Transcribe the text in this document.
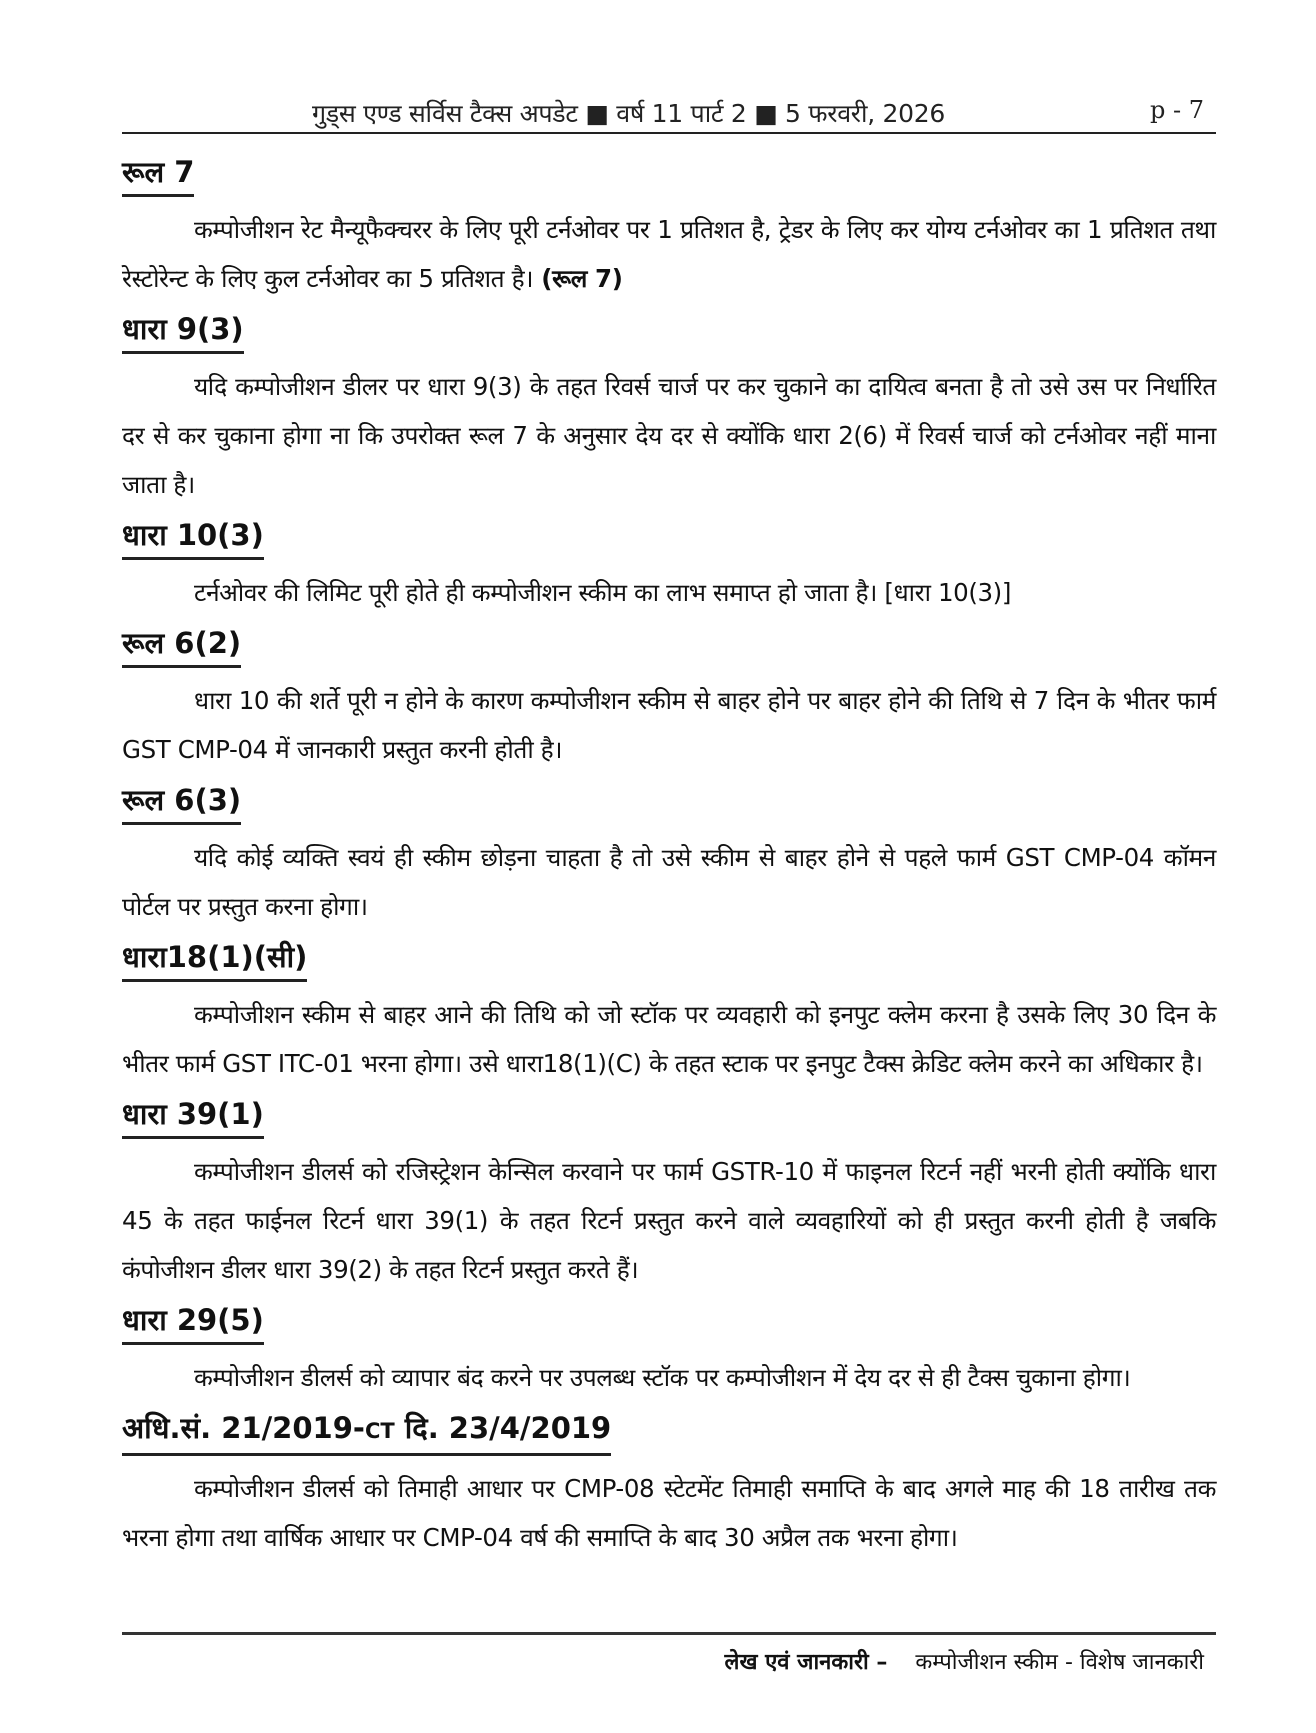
गुड्स एण्ड सर्विस टैक्स अपडेट ■ वर्ष 11 पार्ट 2 ■ 5 फरवरी, 2026	p - 7
रूल 7

कम्पोजीशन रेट मैन्यूफैक्चरर के लिए पूरी टर्नओवर पर 1 प्रतिशत है, ट्रेडर के लिए कर योग्य टर्नओवर का 1 प्रतिशत तथा रेस्टोरेन्ट के लिए कुल टर्नओवर का 5 प्रतिशत है। (रूल 7)

धारा 9(3)

यदि कम्पोजीशन डीलर पर धारा 9(3) के तहत रिवर्स चार्ज पर कर चुकाने का दायित्व बनता है तो उसे उस पर निर्धारित दर से कर चुकाना होगा ना कि उपरोक्त रूल 7 के अनुसार देय दर से क्योंकि धारा 2(6) में रिवर्स चार्ज को टर्नओवर नहीं माना जाता है।

धारा 10(3)

टर्नओवर की लिमिट पूरी होते ही कम्पोजीशन स्कीम का लाभ समाप्त हो जाता है। [धारा 10(3)]

रूल 6(2)

धारा 10 की शर्ते पूरी न होने के कारण कम्पोजीशन स्कीम से बाहर होने पर बाहर होने की तिथि से 7 दिन के भीतर फार्म GST CMP-04 में जानकारी प्रस्तुत करनी होती है।

रूल 6(3)

यदि कोई व्यक्ति स्वयं ही स्कीम छोड़ना चाहता है तो उसे स्कीम से बाहर होने से पहले फार्म GST CMP-04 कॉमन पोर्टल पर प्रस्तुत करना होगा।

धारा18(1)(सी)

कम्पोजीशन स्कीम से बाहर आने की तिथि को जो स्टॉक पर व्यवहारी को इनपुट क्लेम करना है उसके लिए 30 दिन के भीतर फार्म GST ITC-01 भरना होगा। उसे धारा18(1)(C) के तहत स्टाक पर इनपुट टैक्स क्रेडिट क्लेम करने का अधिकार है।

धारा 39(1)

कम्पोजीशन डीलर्स को रजिस्ट्रेशन केन्सिल करवाने पर फार्म GSTR-10 में फाइनल रिटर्न नहीं भरनी होती क्योंकि धारा 45 के तहत फाईनल रिटर्न धारा 39(1) के तहत रिटर्न प्रस्तुत करने वाले व्यवहारियों को ही प्रस्तुत करनी होती है जबकि कंपोजीशन डीलर धारा 39(2) के तहत रिटर्न प्रस्तुत करते हैं।

धारा 29(5)

कम्पोजीशन डीलर्स को व्यापार बंद करने पर उपलब्ध स्टॉक पर कम्पोजीशन में देय दर से ही टैक्स चुकाना होगा।

अधि.सं. 21/2019-CT दि. 23/4/2019

कम्पोजीशन डीलर्स को तिमाही आधार पर CMP-08 स्टेटमेंट तिमाही समाप्ति के बाद अगले माह की 18 तारीख तक भरना होगा तथा वार्षिक आधार पर CMP-04 वर्ष की समाप्ति के बाद 30 अप्रैल तक भरना होगा।

लेख एवं जानकारी – कम्पोजीशन स्कीम - विशेष जानकारी
